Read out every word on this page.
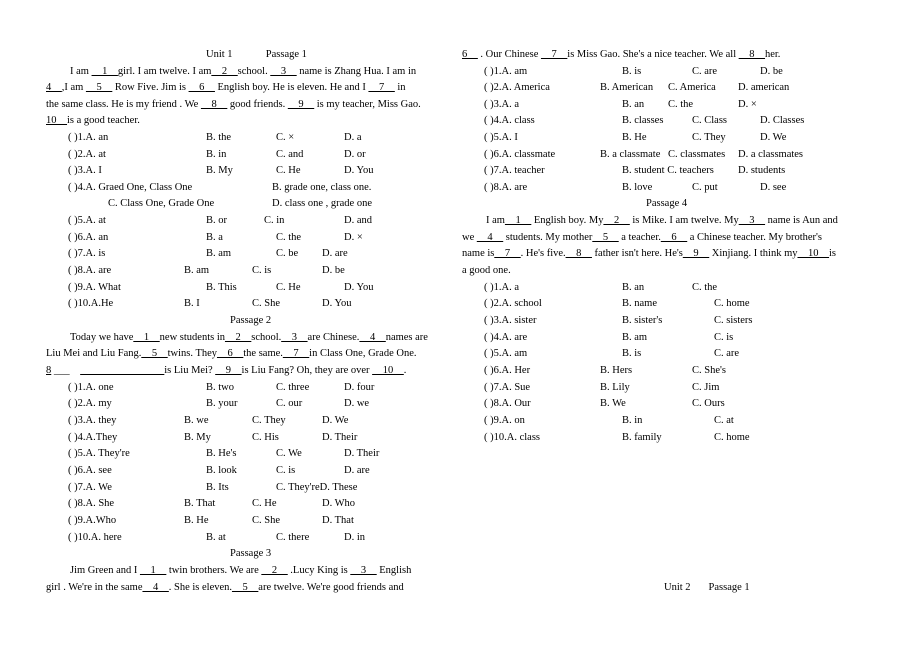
Unit 1	Passage 1
I am __1__girl. I am twelve. I am__2__school. __3__ name is Zhang Hua. I am in
4__,I am __5__ Row Five. Jim is __6__ English boy. He is eleven. He and I __7__ in
the same class. He is my friend . We __8__ good friends. __9__ is my teacher, Miss Gao.
10__is a good teacher.
( )1.A. an	B. the	C. ×	D. a
( )2.A. at	B. in	C. and	D. or
( )3.A. I	B. My	C. He	D. You
( )4.A. Graed One, Class One	B. grade one, class one.
C. Class One, Grade One	D. class one , grade one
( )5.A. at	B. or	C. in	D. and
( )6.A. an	B. a	C. the	D. ×
( )7.A. is	B. am	C. be D. are
( )8.A. are	B. am	C. is	D. be
( )9.A. What	B. This	C. He	D. You
( )10.A.He	B. I	C. She	D. You
Passage 2
Today we have__1__new students in__2__school.__3__are Chinese.__4__names are
Liu Mei and Liu Fang.__5__twins. They__6__the same.__7__in Class One, Grade One.
8 ___ ________________is Liu Mei? __9__is Liu Fang? Oh, they are over __10__.
( )1.A. one	B. two	C. three	D. four
( )2.A. my	B. your	C. our	D. we
( )3.A. they	B. we	C. They	D. We
( )4.A.They	B. My	C. His	D. Their
( )5.A. They're	B. He's	C. We	D. Their
( )6.A. see	B. look	C. is	D. are
( )7.A. We	B. Its	C. They'reD. These
( )8.A. She	B. That	C. He	D. Who
( )9.A.Who	B. He	C. She	D. That
( )10.A. here	B. at	C. there	D. in
Passage 3
Jim Green and I __1__ twin brothers. We are __2__ .Lucy King is __3__ English
girl . We're in the same__4__. She is eleven.__5__are twelve. We're good friends and
6__ . Our Chinese __7__is Miss Gao. She's a nice teacher. We all __8__her.
( )1.A. am	B. is	C. are	D. be
( )2.A. America	B. American C. America D. american
( )3.A. a	B. an C. the	D. ×
( )4.A. class	B. classes	C. Class	D. Classes
( )5.A. I	B. He	C. They	D. We
( )6.A. classmate	B. a classmate C. classmates D. a classmates
( )7.A. teacher	B. student C. teachers D. students
( )8.A. are	B. love	C. put	D. see
Passage 4
I am__1__ English boy. My__2__ is Mike. I am twelve. My__3__ name is Aun and
we __4__ students. My mother__5__ a teacher.__6__ a Chinese teacher. My brother's
name is__7__. He's five.__8__ father isn't here. He's__9__ Xinjiang. I think my__10__is
a good one.
( )1.A. a	B. an	C. the
( )2.A. school	B. name	C. home
( )3.A. sister	B. sister's	C. sisters
( )4.A. are	B. am	C. is
( )5.A. am	B. is	C. are
( )6.A. Her	B. Hers	C. She's
( )7.A. Sue	B. Lily	C. Jim
( )8.A. Our	B. We	C. Ours
( )9.A. on	B. in	C. at
( )10.A. class	B. family	C. home
Unit 2 Passage 1
